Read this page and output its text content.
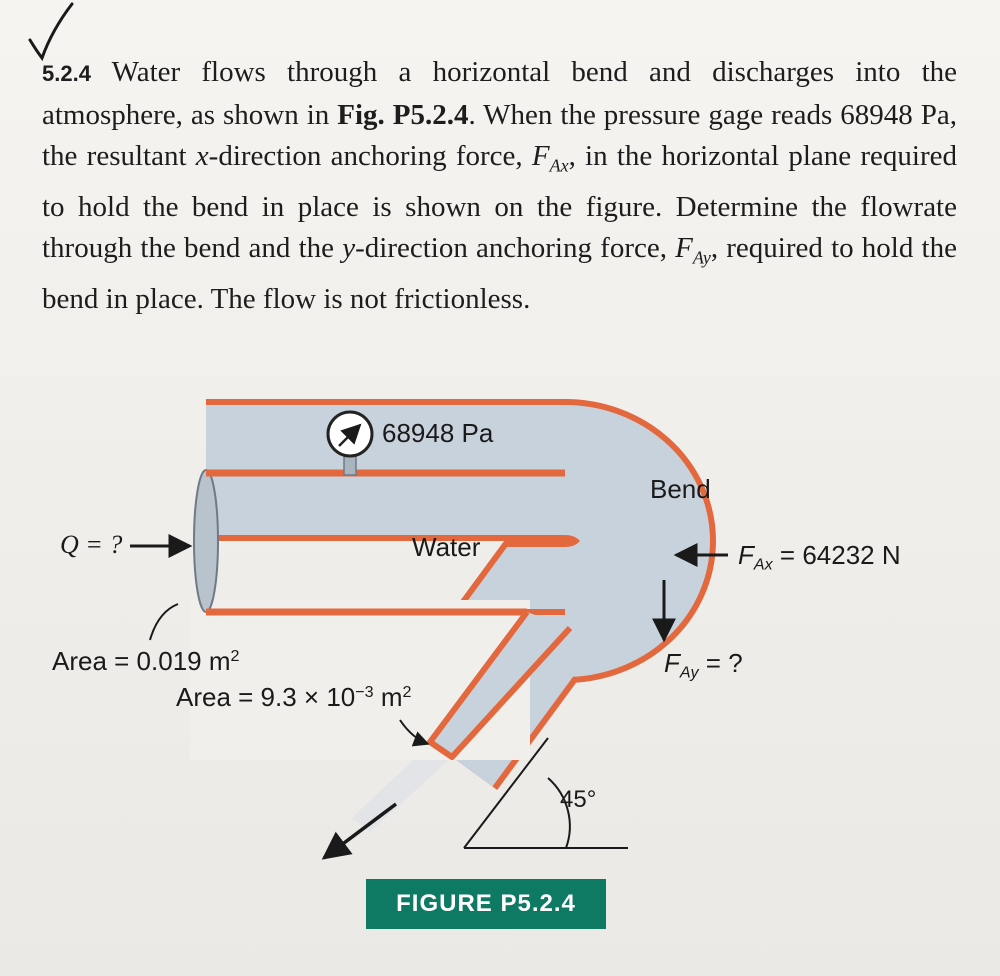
5.2.4 Water flows through a horizontal bend and discharges into the atmosphere, as shown in Fig. P5.2.4. When the pressure gage reads 68948 Pa, the resultant x-direction anchoring force, $F_{Ax}$, in the horizontal plane required to hold the bend in place is shown on the figure. Determine the flowrate through the bend and the y-direction anchoring force, $F_{Ay}$, required to hold the bend in place. The flow is not frictionless.

68948 Pa
Bend
Water
Q = ?	$F_{Ax} = 64232$ N
$F_{Ay}$ = ?
Area = 0.019 $m^2$
Area = $9.3 \times 10^{-3}$ $m^2$
45°
FIGURE P5.2.4
